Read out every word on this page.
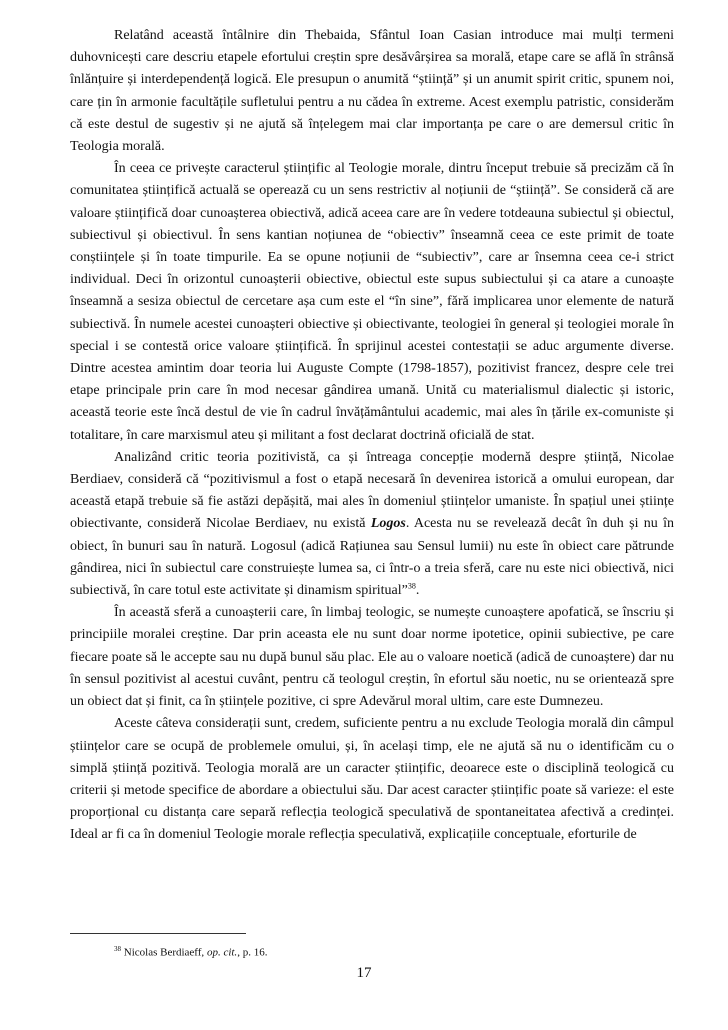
Relatând această întâlnire din Thebaida, Sfântul Ioan Casian introduce mai mulți termeni duhovnicești care descriu etapele efortului creștin spre desăvârșirea sa morală, etape care se află în strânsă înlănțuire și interdependență logică. Ele presupun o anumită “știință” și un anumit spirit critic, spunem noi, care țin în armonie facultățile sufletului pentru a nu cădea în extreme. Acest exemplu patristic, considerăm că este destul de sugestiv și ne ajută să înțelegem mai clar importanța pe care o are demersul critic în Teologia morală.

În ceea ce privește caracterul științific al Teologie morale, dintru început trebuie să precizăm că în comunitatea științifică actuală se operează cu un sens restrictiv al noțiunii de “știință”. Se consideră că are valoare științifică doar cunoașterea obiectivă, adică aceea care are în vedere totdeauna subiectul și obiectul, subiectivul și obiectivul. În sens kantian noțiunea de “obiectiv” înseamnă ceea ce este primit de toate conștiințele și în toate timpurile. Ea se opune noțiunii de “subiectiv”, care ar însemna ceea ce-i strict individual. Deci în orizontul cunoașterii obiective, obiectul este supus subiectului și ca atare a cunoaște înseamnă a sesiza obiectul de cercetare așa cum este el “în sine”, fără implicarea unor elemente de natură subiectivă. În numele acestei cunoașteri obiective și obiectivante, teologiei în general și teologiei morale în special i se contestă orice valoare științifică. În sprijinul acestei contestații se aduc argumente diverse. Dintre acestea amintim doar teoria lui Auguste Compte (1798-1857), pozitivist francez, despre cele trei etape principale prin care în mod necesar gândirea umană. Unită cu materialismul dialectic și istoric, această teorie este încă destul de vie în cadrul învățământului academic, mai ales în țările ex-comuniste și totalitare, în care marxismul ateu și militant a fost declarat doctrină oficială de stat.

Analizând critic teoria pozitivistă, ca și întreaga concepție modernă despre știință, Nicolae Berdiaev, consideră că “pozitivismul a fost o etapă necesară în devenirea istorică a omului european, dar această etapă trebuie să fie astăzi depășită, mai ales în domeniul științelor umaniste. În spațiul unei științe obiectivante, consideră Nicolae Berdiaev, nu există Logos. Acesta nu se revelează decât în duh și nu în obiect, în bunuri sau în natură. Logosul (adică Rațiunea sau Sensul lumii) nu este în obiect care pătrunde gândirea, nici în subiectul care construiește lumea sa, ci într-o a treia sferă, care nu este nici obiectivă, nici subiectivă, în care totul este activitate și dinamism spiritual”$^{38}$.

În această sferă a cunoașterii care, în limbaj teologic, se numește cunoaștere apofatică, se înscriu și principiile moralei creștine. Dar prin aceasta ele nu sunt doar norme ipotetice, opinii subiective, pe care fiecare poate să le accepte sau nu după bunul său plac. Ele au o valoare noetică (adică de cunoaștere) dar nu în sensul pozitivist al acestui cuvânt, pentru că teologul creștin, în efortul său noetic, nu se orientează spre un obiect dat și finit, ca în științele pozitive, ci spre Adevărul moral ultim, care este Dumnezeu.

Aceste câteva considerații sunt, credem, suficiente pentru a nu exclude Teologia morală din câmpul științelor care se ocupă de problemele omului, și, în același timp, ele ne ajută să nu o identificăm cu o simplă știință pozitivă. Teologia morală are un caracter științific, deoarece este o disciplină teologică cu criterii și metode specifice de abordare a obiectului său. Dar acest caracter științific poate să varieze: el este proporțional cu distanța care separă reflecția teologică speculativă de spontaneitatea afectivă a credinței. Ideal ar fi ca în domeniul Teologie morale reflecția speculativă, explicațiile conceptuale, eforturile de

$^{38}$ Nicolas Berdiaeff, op. cit., p. 16.
17
